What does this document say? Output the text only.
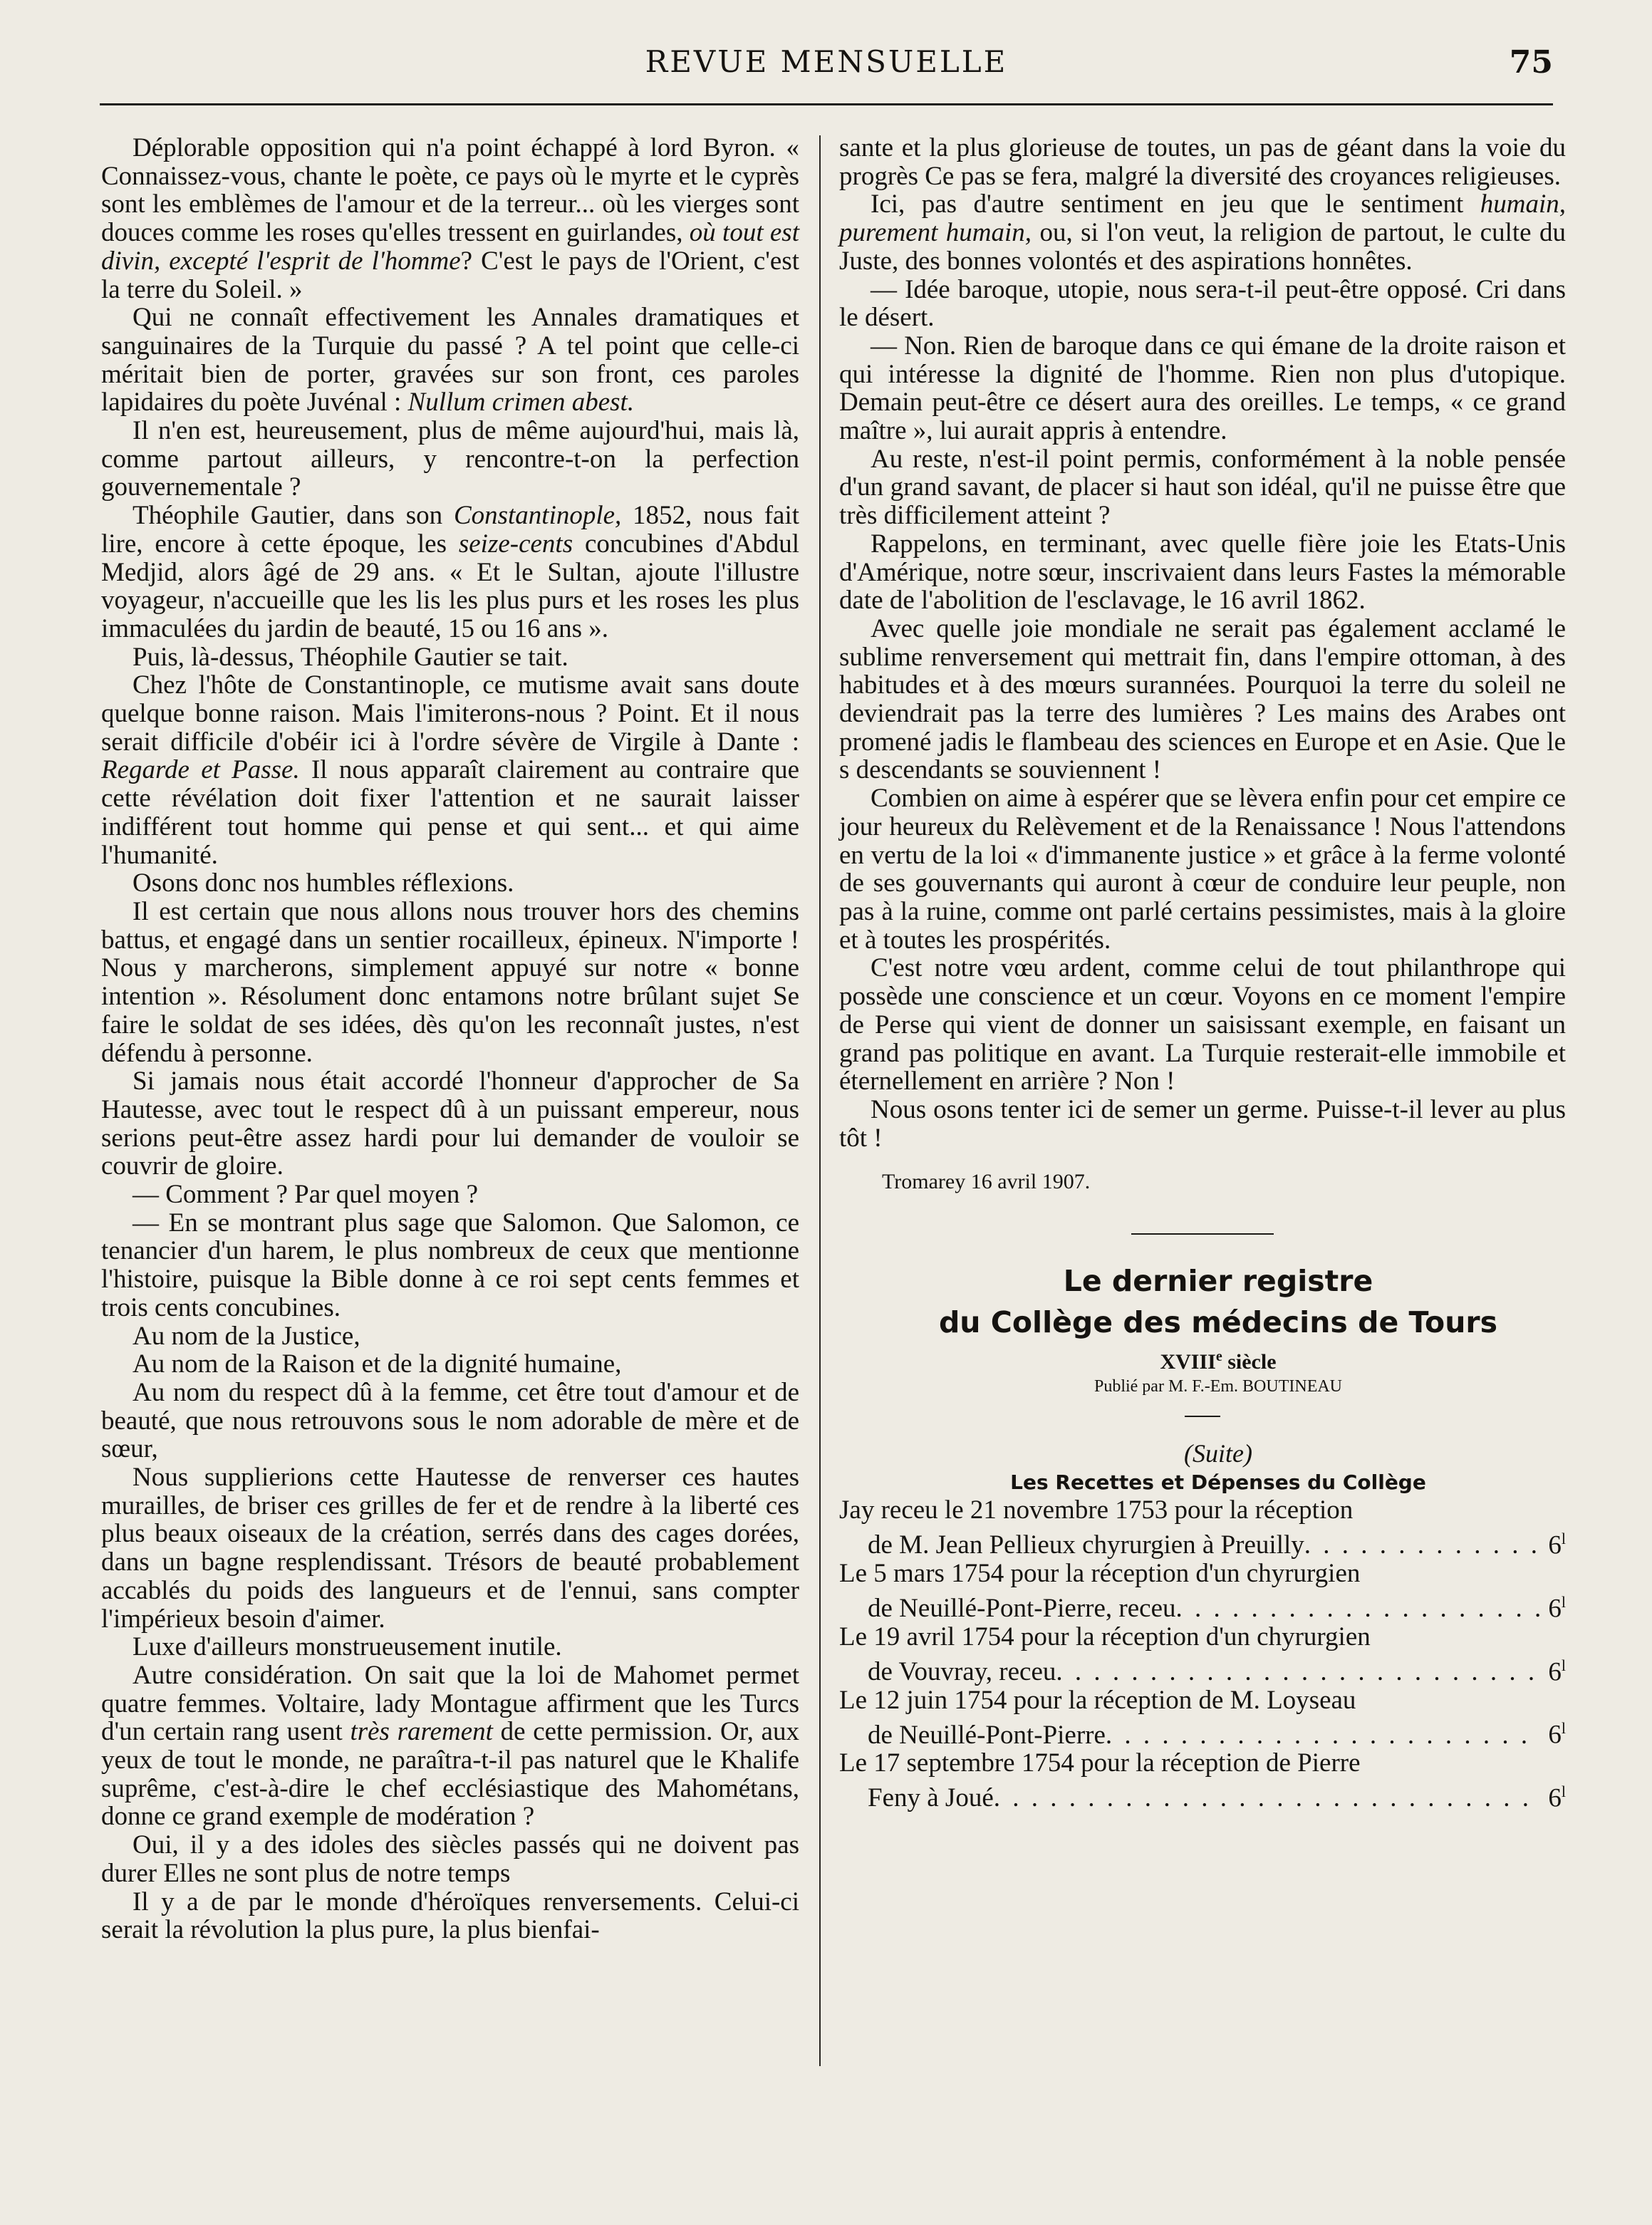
REVUE MENSUELLE	75

Déplorable opposition qui n'a point échappé à lord Byron. « Connaissez-vous, chante le poète, ce pays où le myrte et le cyprès sont les emblèmes de l'amour et de la terreur... où les vierges sont douces comme les roses qu'elles tressent en guirlandes, où tout est divin, excepté l'esprit de l'homme? C'est le pays de l'Orient, c'est la terre du Soleil. »

Qui ne connaît effectivement les Annales dramatiques et sanguinaires de la Turquie du passé ? A tel point que celle-ci méritait bien de porter, gravées sur son front, ces paroles lapidaires du poète Juvénal : Nullum crimen abest.

Il n'en est, heureusement, plus de même aujourd'hui, mais là, comme partout ailleurs, y rencontre-t-on la perfection gouvernementale ?

Théophile Gautier, dans son Constantinople, 1852, nous fait lire, encore à cette époque, les seize-cents concubines d'Abdul Medjid, alors âgé de 29 ans. « Et le Sultan, ajoute l'illustre voyageur, n'accueille que les lis les plus purs et les roses les plus immaculées du jardin de beauté, 15 ou 16 ans ».

Puis, là-dessus, Théophile Gautier se tait.

Chez l'hôte de Constantinople, ce mutisme avait sans doute quelque bonne raison. Mais l'imiterons-nous ? Point. Et il nous serait difficile d'obéir ici à l'ordre sévère de Virgile à Dante : Regarde et Passe. Il nous apparaît clairement au contraire que cette révélation doit fixer l'attention et ne saurait laisser indifférent tout homme qui pense et qui sent... et qui aime l'humanité.

Osons donc nos humbles réflexions.

Il est certain que nous allons nous trouver hors des chemins battus, et engagé dans un sentier rocailleux, épineux. N'importe ! Nous y marcherons, simplement appuyé sur notre « bonne intention ». Résolument donc entamons notre brûlant sujet Se faire le soldat de ses idées, dès qu'on les reconnaît justes, n'est défendu à personne.

Si jamais nous était accordé l'honneur d'approcher de Sa Hautesse, avec tout le respect dû à un puissant empereur, nous serions peut-être assez hardi pour lui demander de vouloir se couvrir de gloire.

— Comment ? Par quel moyen ?

— En se montrant plus sage que Salomon. Que Salomon, ce tenancier d'un harem, le plus nombreux de ceux que mentionne l'histoire, puisque la Bible donne à ce roi sept cents femmes et trois cents concubines.

Au nom de la Justice,

Au nom de la Raison et de la dignité humaine,

Au nom du respect dû à la femme, cet être tout d'amour et de beauté, que nous retrouvons sous le nom adorable de mère et de sœur,

Nous supplierions cette Hautesse de renverser ces hautes murailles, de briser ces grilles de fer et de rendre à la liberté ces plus beaux oiseaux de la création, serrés dans des cages dorées, dans un bagne resplendissant. Trésors de beauté probablement accablés du poids des langueurs et de l'ennui, sans compter l'impérieux besoin d'aimer.

Luxe d'ailleurs monstrueusement inutile.

Autre considération. On sait que la loi de Mahomet permet quatre femmes. Voltaire, lady Montague affirment que les Turcs d'un certain rang usent très rarement de cette permission. Or, aux yeux de tout le monde, ne paraîtra-t-il pas naturel que le Khalife suprême, c'est-à-dire le chef ecclésiastique des Mahométans, donne ce grand exemple de modération ?

Oui, il y a des idoles des siècles passés qui ne doivent pas durer Elles ne sont plus de notre temps

Il y a de par le monde d'héroïques renversements. Celui-ci serait la révolution la plus pure, la plus bienfai-

sante et la plus glorieuse de toutes, un pas de géant dans la voie du progrès Ce pas se fera, malgré la diversité des croyances religieuses.

Ici, pas d'autre sentiment en jeu que le sentiment humain, purement humain, ou, si l'on veut, la religion de partout, le culte du Juste, des bonnes volontés et des aspirations honnêtes.

— Idée baroque, utopie, nous sera-t-il peut-être opposé. Cri dans le désert.

— Non. Rien de baroque dans ce qui émane de la droite raison et qui intéresse la dignité de l'homme. Rien non plus d'utopique. Demain peut-être ce désert aura des oreilles. Le temps, « ce grand maître », lui aurait appris à entendre.

Au reste, n'est-il point permis, conformément à la noble pensée d'un grand savant, de placer si haut son idéal, qu'il ne puisse être que très difficilement atteint ?

Rappelons, en terminant, avec quelle fière joie les Etats-Unis d'Amérique, notre sœur, inscrivaient dans leurs Fastes la mémorable date de l'abolition de l'esclavage, le 16 avril 1862.

Avec quelle joie mondiale ne serait pas également acclamé le sublime renversement qui mettrait fin, dans l'empire ottoman, à des habitudes et à des mœurs surannées. Pourquoi la terre du soleil ne deviendrait pas la terre des lumières ? Les mains des Arabes ont promené jadis le flambeau des sciences en Europe et en Asie. Que le s descendants se souviennent !

Combien on aime à espérer que se lèvera enfin pour cet empire ce jour heureux du Relèvement et de la Renaissance ! Nous l'attendons en vertu de la loi « d'immanente justice » et grâce à la ferme volonté de ses gouvernants qui auront à cœur de conduire leur peuple, non pas à la ruine, comme ont parlé certains pessimistes, mais à la gloire et à toutes les prospérités.

C'est notre vœu ardent, comme celui de tout philanthrope qui possède une conscience et un cœur. Voyons en ce moment l'empire de Perse qui vient de donner un saisissant exemple, en faisant un grand pas politique en avant. La Turquie resterait-elle immobile et éternellement en arrière ? Non !

Nous osons tenter ici de semer un germe. Puisse-t-il lever au plus tôt !

Tromarey 16 avril 1907.

Le dernier registre

du Collège des médecins de Tours

XVIIIe siècle

Publié par M. F.-Em. BOUTINEAU

(Suite)

Les Recettes et Dépenses du Collège

Jay receu le 21 novembre 1753 pour la réception
de M. Jean Pellieux chyrurgien à Preuilly . . .	6$^l$
Le 5 mars 1754 pour la réception d'un chyrurgien
de Neuillé-Pont-Pierre, receu . . .	6$^l$
Le 19 avril 1754 pour la réception d'un chyrurgien
de Vouvray, receu . . .	6$^l$
Le 12 juin 1754 pour la réception de M. Loyseau
de Neuillé-Pont-Pierre . . .	6$^l$
Le 17 septembre 1754 pour la réception de Pierre
Feny à Joué . . .	6$^l$
